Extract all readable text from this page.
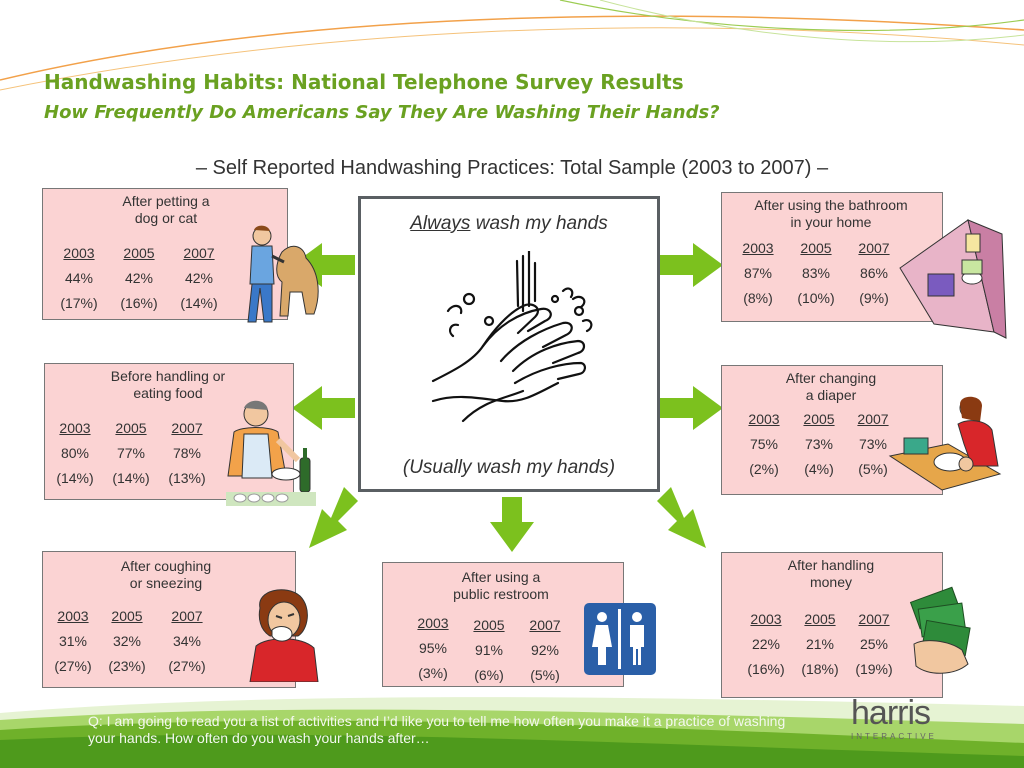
Handwashing Habits: National Telephone Survey Results
How Frequently Do Americans Say They Are Washing Their Hands?
– Self Reported Handwashing Practices: Total Sample (2003 to 2007) –
Always wash my hands
(Usually wash my hands)
After petting a
dog or cat
2003	2005	2007
44%	42%	42%
(17%)	(16%)	(14%)
Before handling or
eating food
2003	2005	2007
80%	77%	78%
(14%)	(14%)	(13%)
After coughing
or sneezing
2003	2005	2007
31%	32%	34%
(27%)	(23%)	(27%)
After using a
public restroom
2003	2005	2007
95%	91%	92%
(3%)	(6%)	(5%)
After handling
money
2003	2005	2007
22%	21%	25%
(16%)	(18%)	(19%)
After changing
a diaper
2003	2005	2007
75%	73%	73%
(2%)	(4%)	(5%)
After using the bathroom
in your home
2003	2005	2007
87%	83%	86%
(8%)	(10%)	(9%)
Q: I am going to read you a list of activities and I’d like you to tell me how often you make it a practice of washing your hands. How often do you wash your hands after…
harris
INTERACTIVE
